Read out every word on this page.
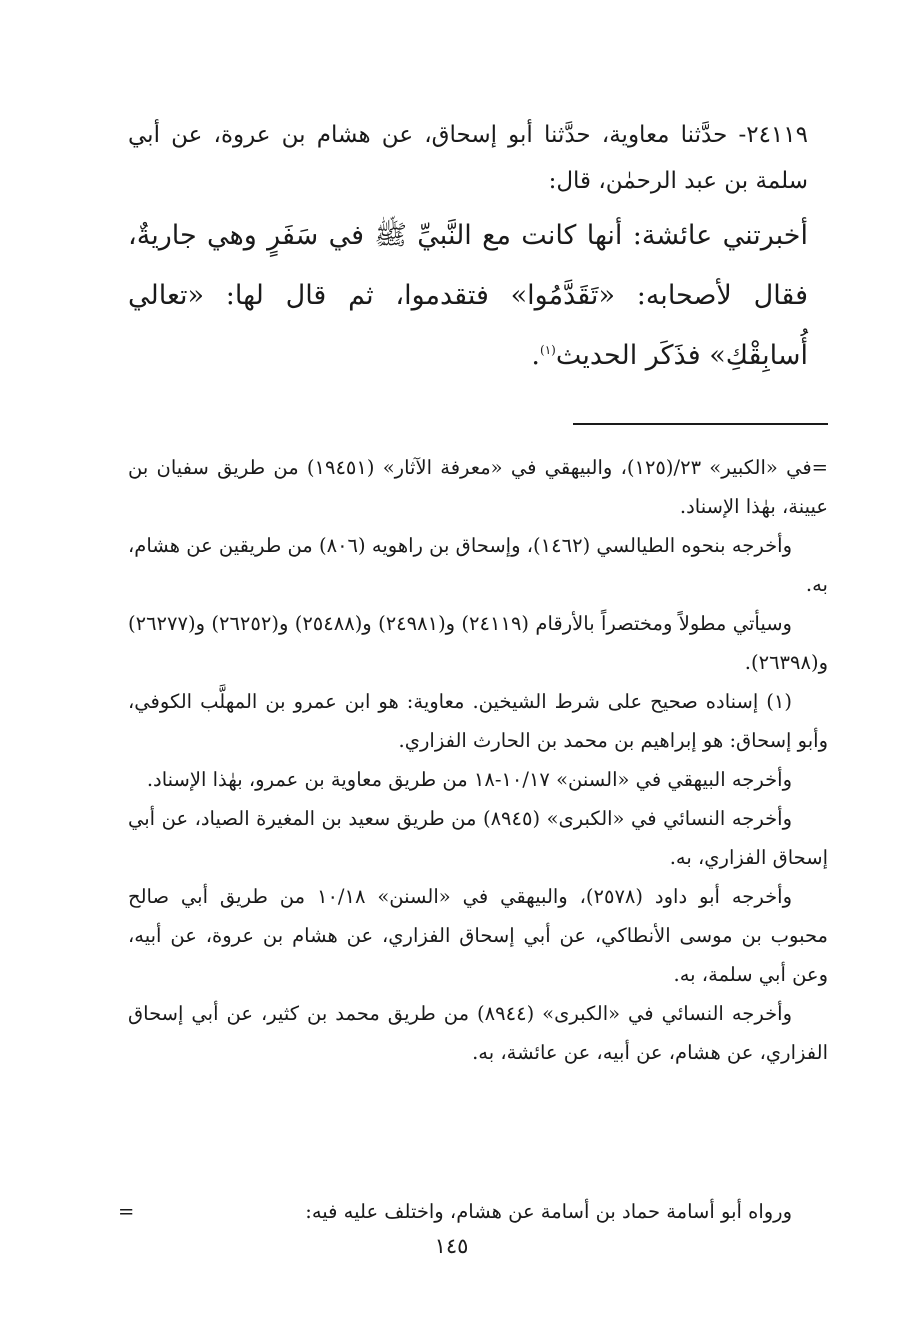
٢٤١١٩- حدَّثنا معاوية، حدَّثنا أبو إسحاق، عن هشام بن عروة، عن أبي سلمة بن عبد الرحمٰن، قال:

أخبرتني عائشة: أنها كانت مع النَّبيِّ ﷺ في سَفَرٍ وهي جاريةٌ، فقال لأصحابه: «تَقَدَّمُوا» فتقدموا، ثم قال لها: «تعالي أُسابِقْكِ» فذَكَر الحديث$^{(١)}$.

=في «الكبير» ٢٣/(١٢٥)، والبيهقي في «معرفة الآثار» (١٩٤٥١) من طريق سفيان بن عيينة، بهٰذا الإسناد.

وأخرجه بنحوه الطيالسي (١٤٦٢)، وإسحاق بن راهويه (٨٠٦) من طريقين عن هشام، به.

وسيأتي مطولاً ومختصراً بالأرقام (٢٤١١٩) و(٢٤٩٨١) و(٢٥٤٨٨) و(٢٦٢٥٢) و(٢٦٢٧٧) و(٢٦٣٩٨).

(١) إسناده صحيح على شرط الشيخين. معاوية: هو ابن عمرو بن المهلَّب الكوفي، وأبو إسحاق: هو إبراهيم بن محمد بن الحارث الفزاري.

وأخرجه البيهقي في «السنن» ١٠/١٧-١٨ من طريق معاوية بن عمرو، بهٰذا الإسناد.

وأخرجه النسائي في «الكبرى» (٨٩٤٥) من طريق سعيد بن المغيرة الصياد، عن أبي إسحاق الفزاري، به.

وأخرجه أبو داود (٢٥٧٨)، والبيهقي في «السنن» ١٠/١٨ من طريق أبي صالح محبوب بن موسى الأنطاكي، عن أبي إسحاق الفزاري، عن هشام بن عروة، عن أبيه، وعن أبي سلمة، به.

وأخرجه النسائي في «الكبرى» (٨٩٤٤) من طريق محمد بن كثير، عن أبي إسحاق الفزاري، عن هشام، عن أبيه، عن عائشة، به.

ورواه أبو أسامة حماد بن أسامة عن هشام، واختلف عليه فيه:
=
١٤٥
